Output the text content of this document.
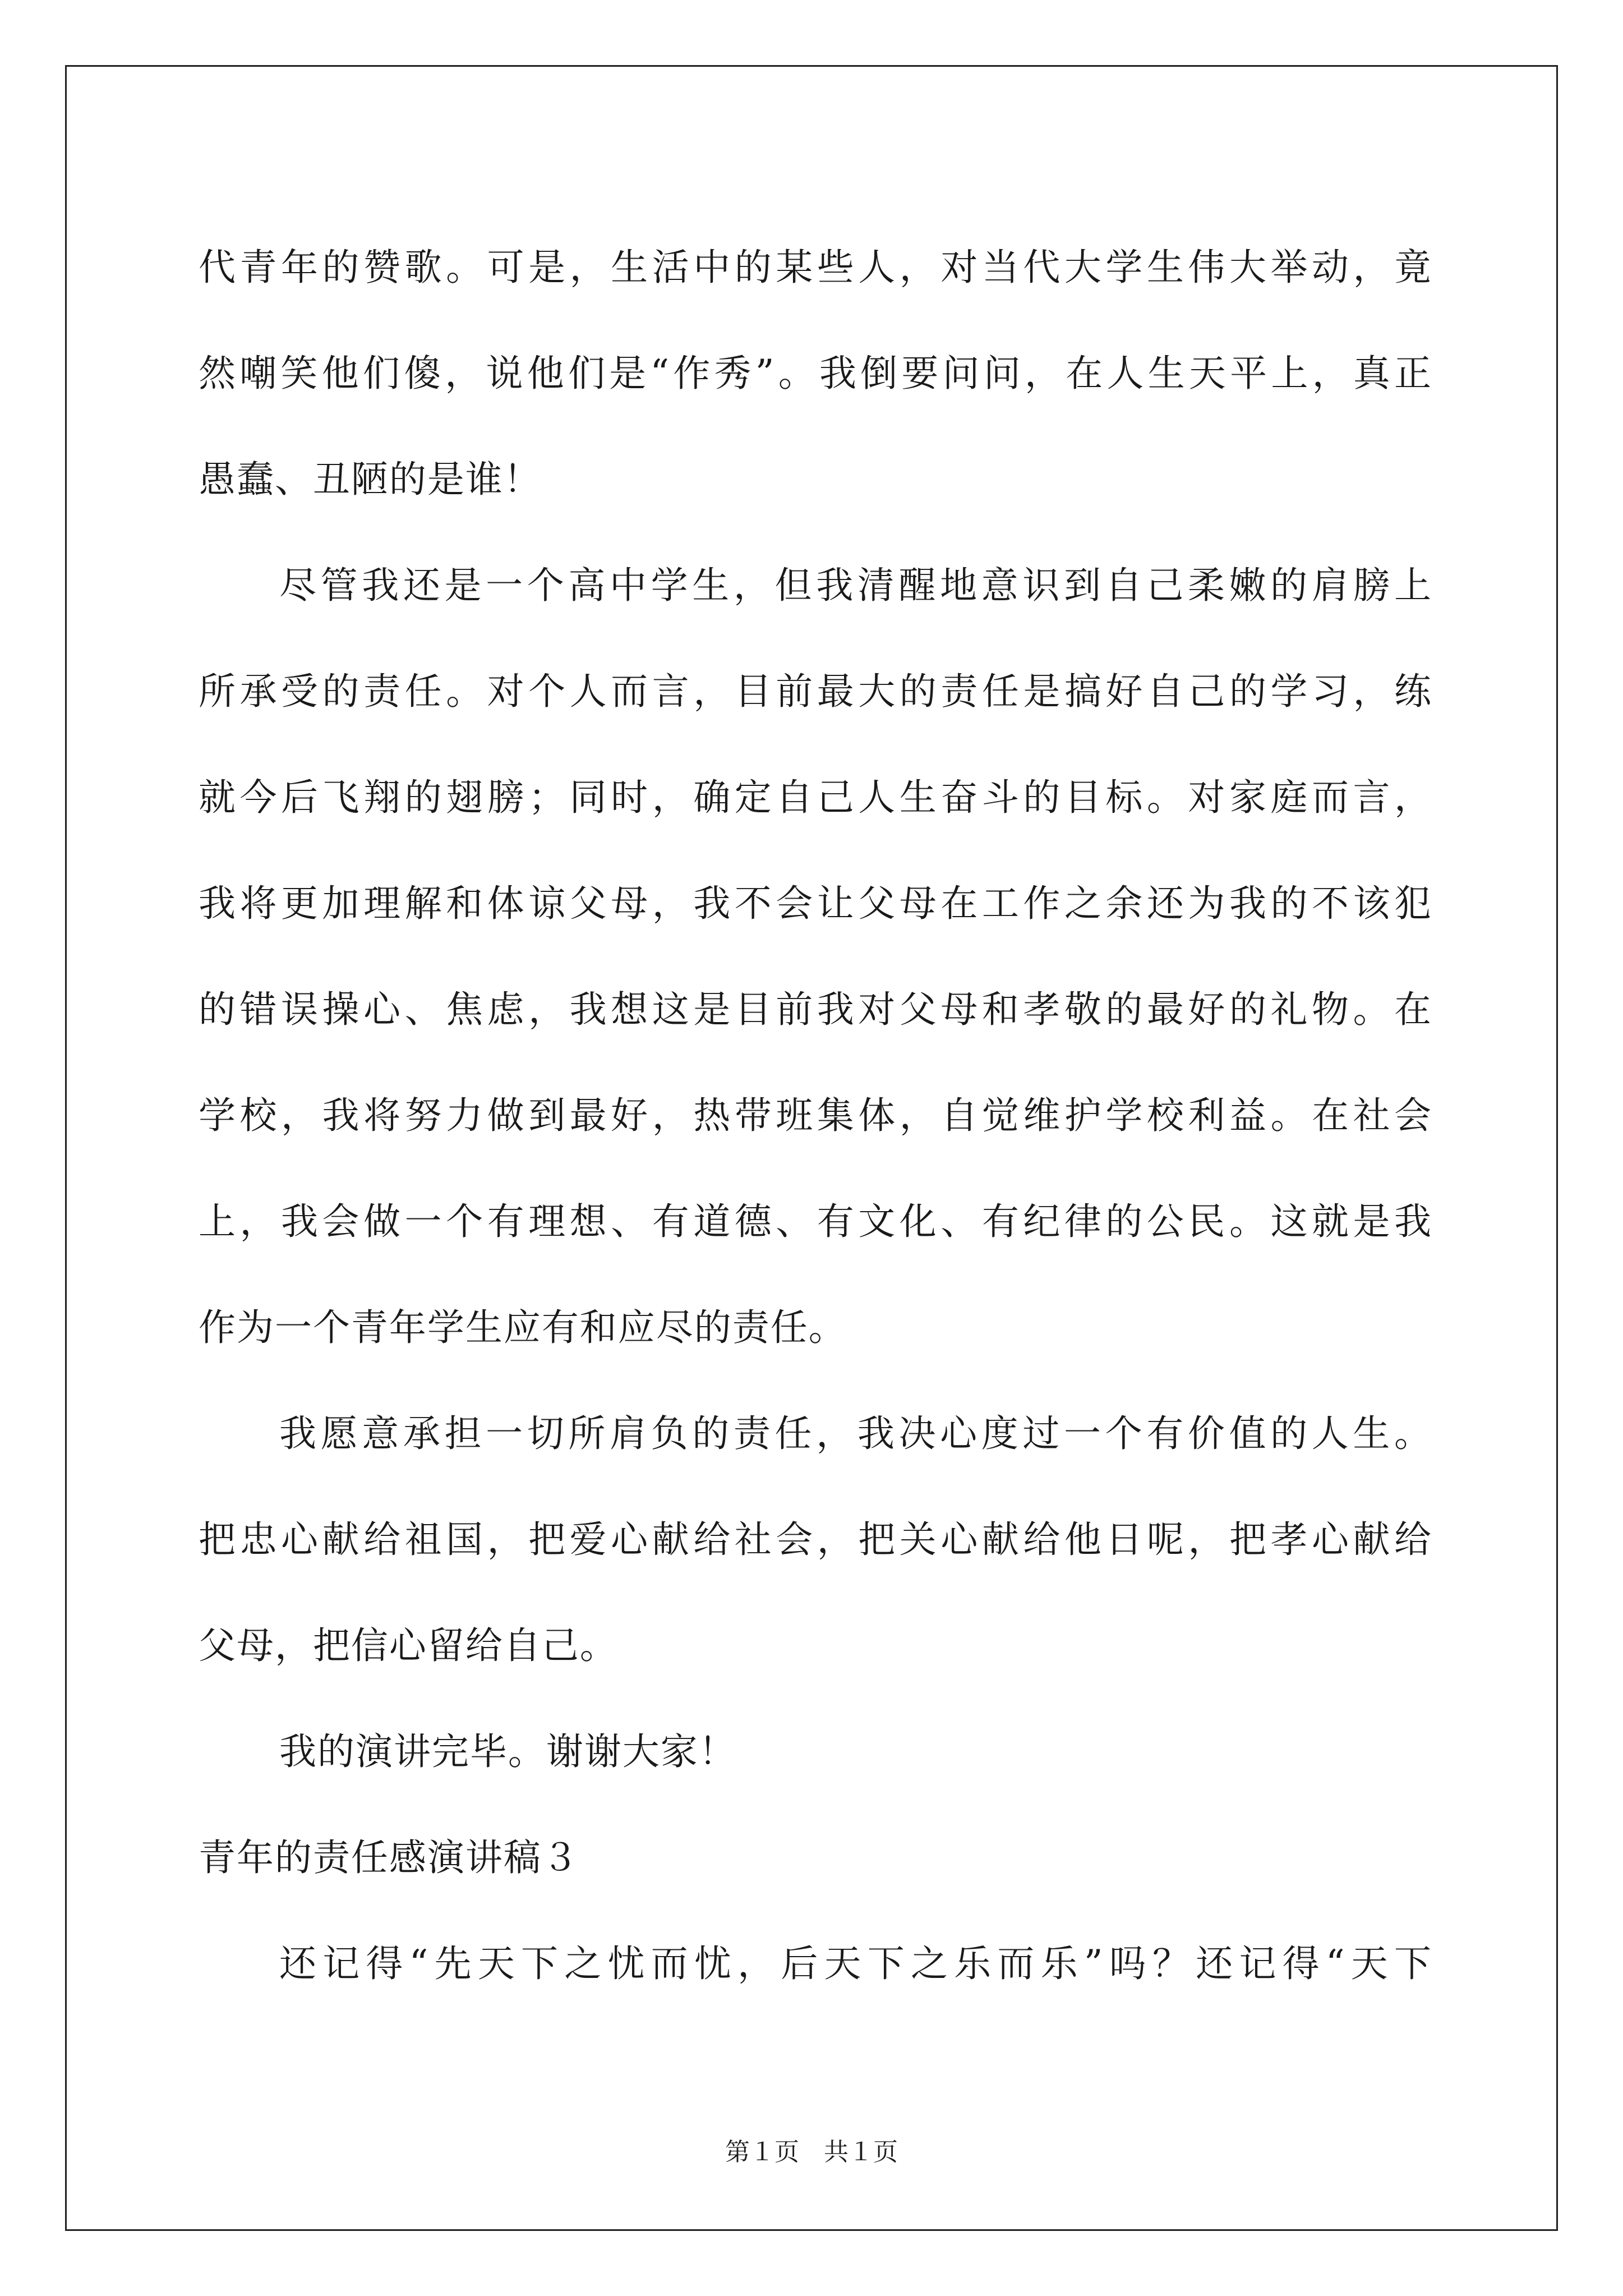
代青年的赞歌。可是，生活中的某些人，对当代大学生伟大举动，竟
然嘲笑他们傻，说他们是“作秀”。我倒要问问，在人生天平上，真正
愚蠢、丑陋的是谁！
尽管我还是一个高中学生，但我清醒地意识到自己柔嫩的肩膀上
所承受的责任。对个人而言，目前最大的责任是搞好自己的学习，练
就今后飞翔的翅膀；同时，确定自己人生奋斗的目标。对家庭而言，
我将更加理解和体谅父母，我不会让父母在工作之余还为我的不该犯
的错误操心、焦虑，我想这是目前我对父母和孝敬的最好的礼物。在
学校，我将努力做到最好，热带班集体，自觉维护学校利益。在社会
上，我会做一个有理想、有道德、有文化、有纪律的公民。这就是我
作为一个青年学生应有和应尽的责任。
我愿意承担一切所肩负的责任，我决心度过一个有价值的人生。
把忠心献给祖国，把爱心献给社会，把关心献给他日呢，把孝心献给
父母，把信心留给自己。
我的演讲完毕。谢谢大家！
青年的责任感演讲稿３
还记得“先天下之忧而忧，后天下之乐而乐”吗？还记得“天下
第１页 共１页
